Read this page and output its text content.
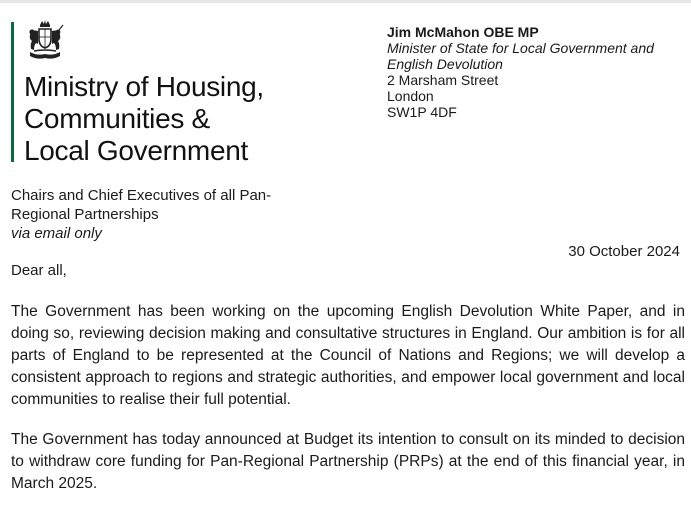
Ministry of Housing,
Communities &
Local Government
Jim McMahon OBE MP
Minister of State for Local Government and
English Devolution
2 Marsham Street
London
SW1P 4DF
Chairs and Chief Executives of all Pan-
Regional Partnerships
via email only
30 October 2024
Dear all,

The Government has been working on the upcoming English Devolution White Paper, and in doing so, reviewing decision making and consultative structures in England. Our ambition is for all parts of England to be represented at the Council of Nations and Regions; we will develop a consistent approach to regions and strategic authorities, and empower local government and local communities to realise their full potential.

The Government has today announced at Budget its intention to consult on its minded to decision to withdraw core funding for Pan-Regional Partnership (PRPs) at the end of this financial year, in March 2025.
